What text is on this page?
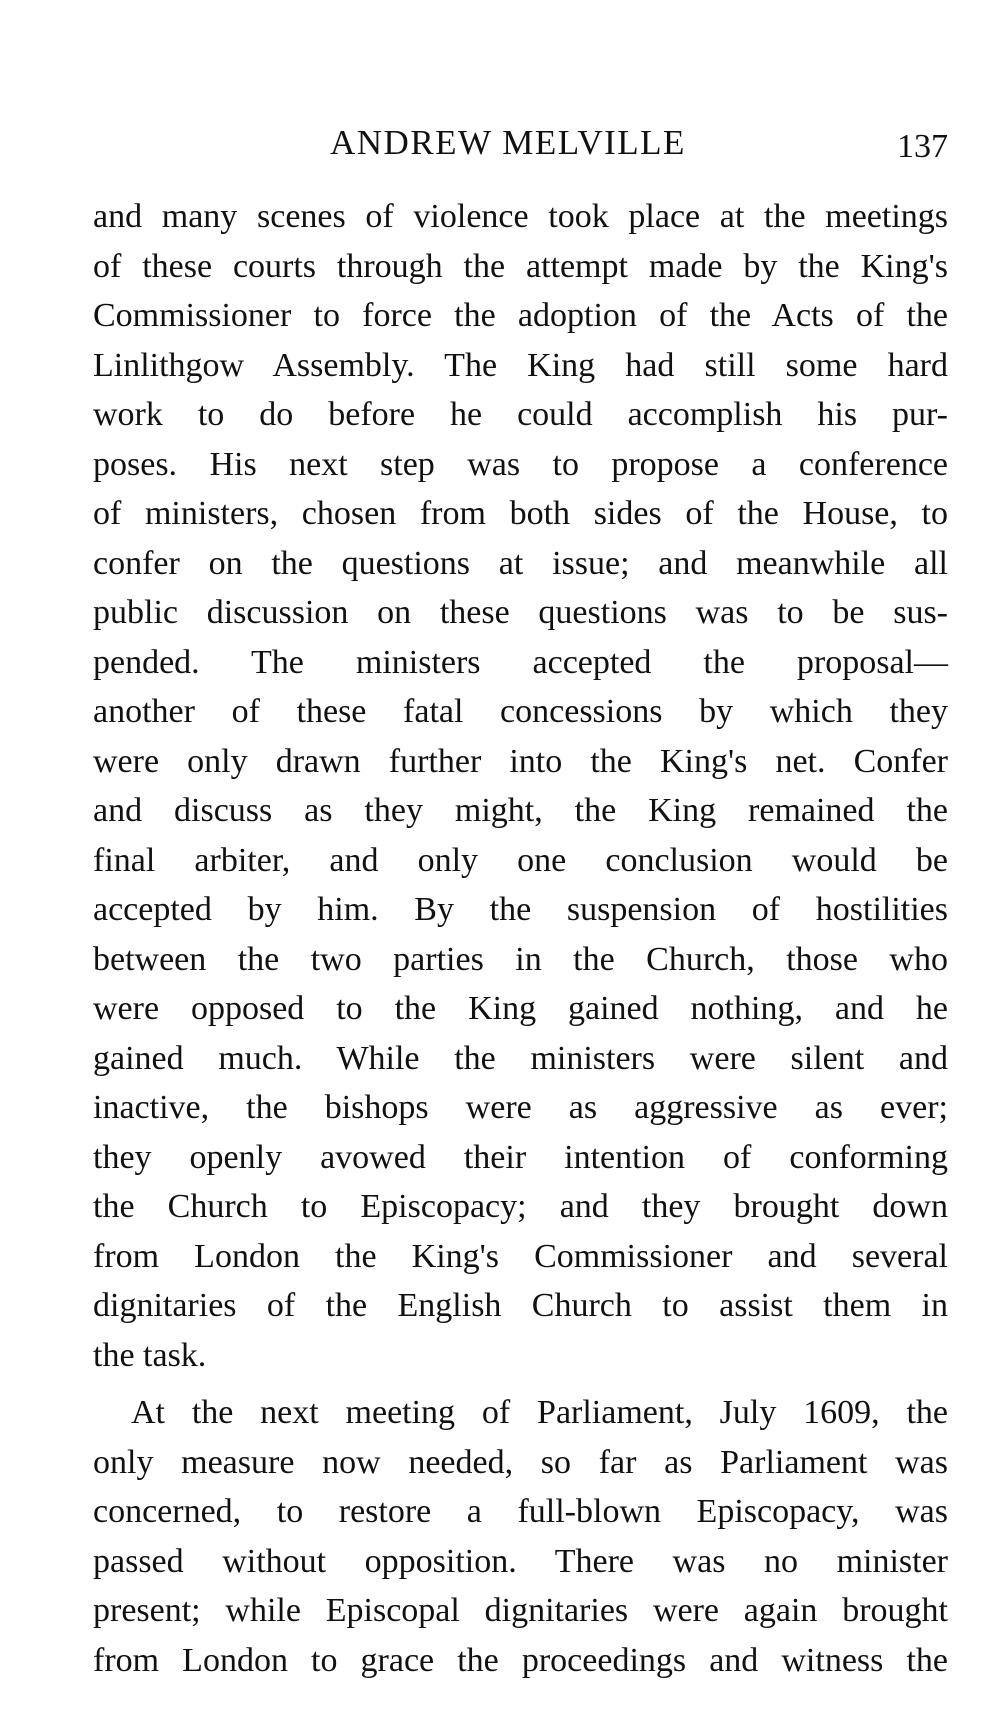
ANDREW MELVILLE	137
and many scenes of violence took place at the meetings
of these courts through the attempt made by the King's
Commissioner to force the adoption of the Acts of the
Linlithgow Assembly. The King had still some hard
work to do before he could accomplish his pur-
poses. His next step was to propose a conference
of ministers, chosen from both sides of the House, to
confer on the questions at issue; and meanwhile all
public discussion on these questions was to be sus-
pended. The ministers accepted the proposal—
another of these fatal concessions by which they
were only drawn further into the King's net. Confer
and discuss as they might, the King remained the
final arbiter, and only one conclusion would be
accepted by him. By the suspension of hostilities
between the two parties in the Church, those who
were opposed to the King gained nothing, and he
gained much. While the ministers were silent and
inactive, the bishops were as aggressive as ever;
they openly avowed their intention of conforming
the Church to Episcopacy; and they brought down
from London the King's Commissioner and several
dignitaries of the English Church to assist them in
the task.
At the next meeting of Parliament, July 1609, the
only measure now needed, so far as Parliament was
concerned, to restore a full-blown Episcopacy, was
passed without opposition. There was no minister
present; while Episcopal dignitaries were again brought
from London to grace the proceedings and witness the
